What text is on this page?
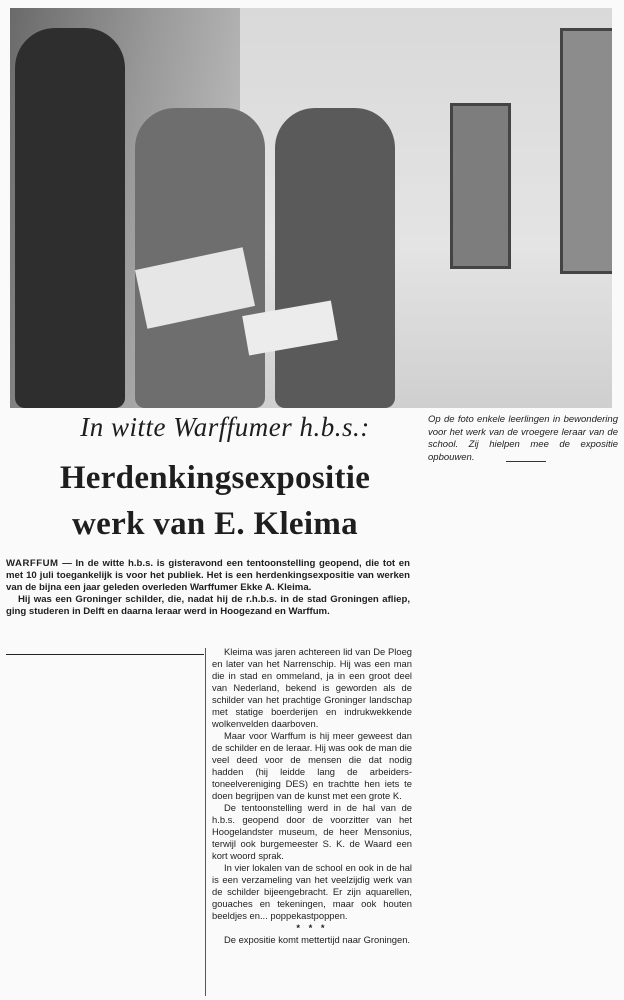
Op de foto enkele leerlingen in bewondering voor het werk van de vroegere leraar van de school. Zij hielpen mee de expositie opbouwen.
In witte Warffumer h.b.s.:
Herdenkingsexpositie
werk van E. Kleima

WARFFUM — In de witte h.b.s. is gisteravond een tentoonstelling geopend, die tot en met 10 juli toegankelijk is voor het publiek. Het is een herdenkingsexpositie van werken van de bijna een jaar geleden overleden Warffumer Ekke A. Kleima.

Hij was een Groninger schilder, die, nadat hij de r.h.b.s. in de stad Groningen afliep, ging studeren in Delft en daarna leraar werd in Hoogezand en Warffum.

Kleima was jaren achtereen lid van De Ploeg en later van het Narrenschip. Hij was een man die in stad en ommeland, ja in een groot deel van Nederland, bekend is geworden als de schilder van het prachtige Groninger landschap met statige boerderijen en indrukwekkende wolkenvelden daarboven.

Maar voor Warffum is hij meer geweest dan de schilder en de leraar. Hij was ook de man die veel deed voor de mensen die dat nodig hadden (hij leidde lang de arbeiders-toneelvereniging DES) en trachtte hen iets te doen begrijpen van de kunst met een grote K.

De tentoonstelling werd in de hal van de h.b.s. geopend door de voorzitter van het Hoogelandster museum, de heer Mensonius, terwijl ook burgemeester S. K. de Waard een kort woord sprak.

In vier lokalen van de school en ook in de hal is een verzameling van het veelzijdig werk van de schilder bijeengebracht. Er zijn aquarellen, gouaches en tekeningen, maar ook houten beeldjes en... poppekastpoppen.

* * *

De expositie komt mettertijd naar Groningen.
